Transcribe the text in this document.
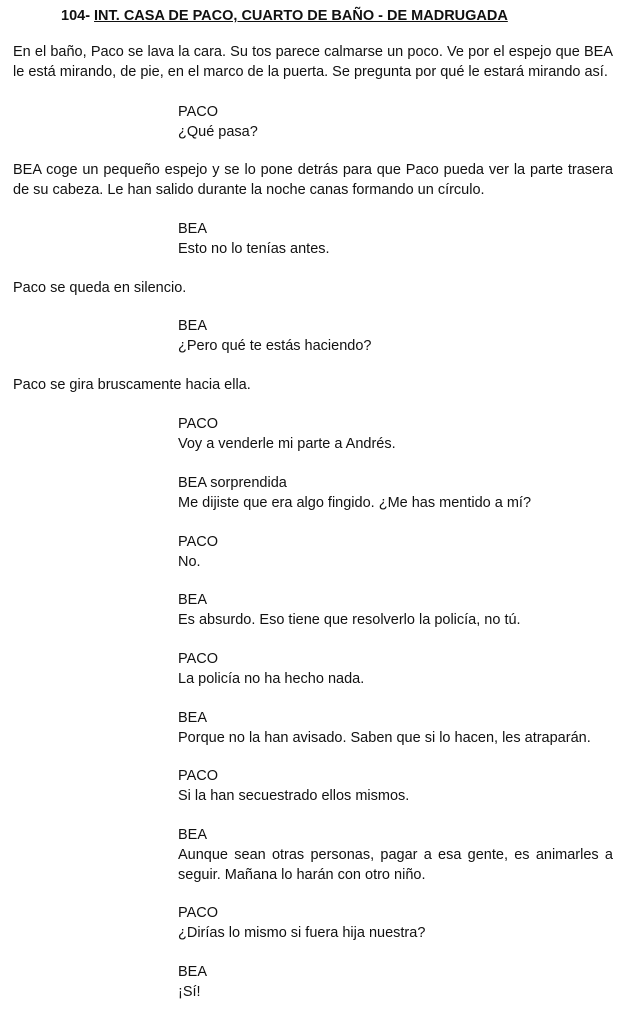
104- INT. CASA DE PACO, CUARTO DE BAÑO - DE MADRUGADA
En el baño, Paco se lava la cara. Su tos parece calmarse un poco. Ve por el espejo que BEA le está mirando, de pie, en el marco de la puerta. Se pregunta por qué le estará mirando así.
PACO
¿Qué pasa?
BEA coge un pequeño espejo y se lo pone detrás para que Paco pueda ver la parte trasera de su cabeza. Le han salido durante la noche canas formando un círculo.
BEA
Esto no lo tenías antes.
Paco se queda en silencio.
BEA
¿Pero qué te estás haciendo?
Paco se gira bruscamente hacia ella.
PACO
Voy a venderle mi parte a Andrés.
BEA sorprendida
Me dijiste que era algo fingido. ¿Me has mentido a mí?
PACO
No.
BEA
Es absurdo. Eso tiene que resolverlo la policía, no tú.
PACO
La policía no ha hecho nada.
BEA
Porque no la han avisado. Saben que si lo hacen, les atraparán.
PACO
Si la han secuestrado ellos mismos.
BEA
Aunque sean otras personas, pagar a esa gente, es animarles a seguir. Mañana lo harán con otro niño.
PACO
¿Dirías lo mismo si fuera hija nuestra?
BEA
¡Sí!
